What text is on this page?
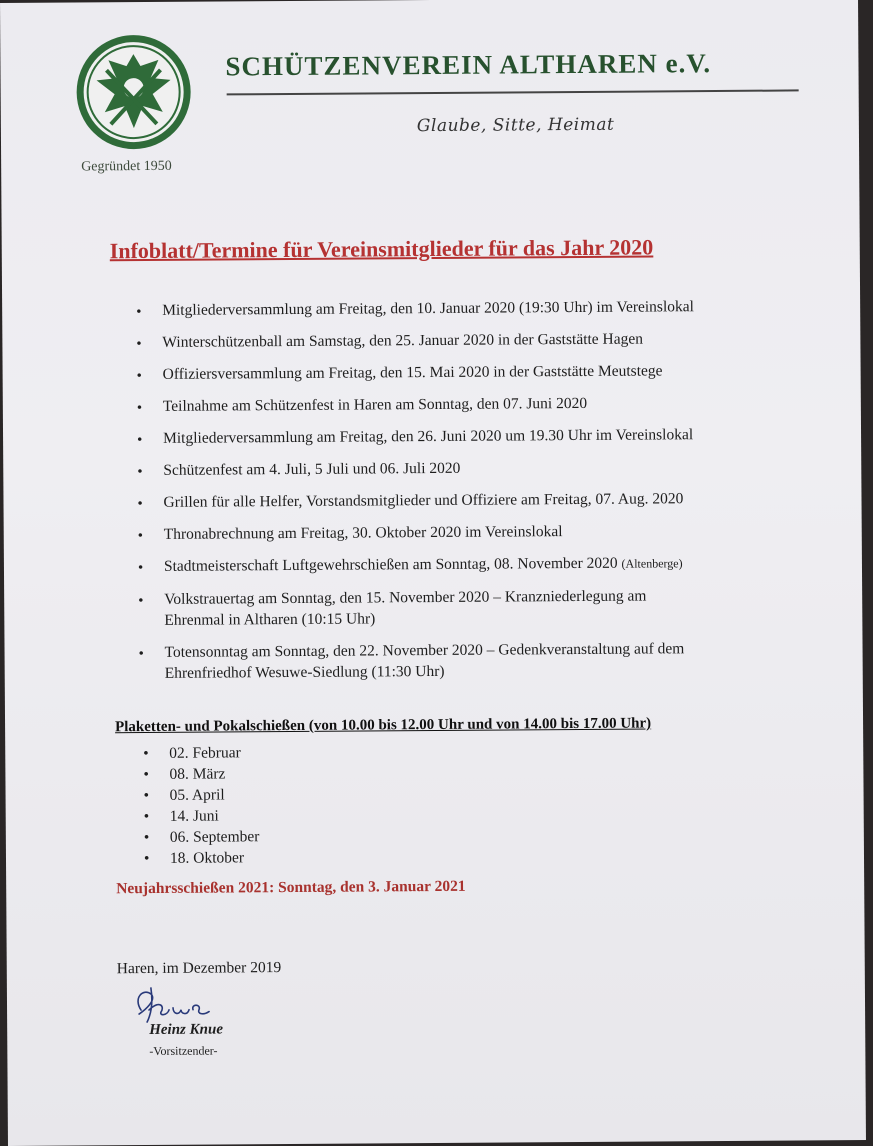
Gegründet 1950
SCHÜTZENVEREIN ALTHAREN e.V.
Glaube, Sitte, Heimat
Infoblatt/Termine für Vereinsmitglieder für das Jahr 2020
• Mitgliederversammlung am Freitag, den 10. Januar 2020 (19:30 Uhr) im Vereinslokal
• Winterschützenball am Samstag, den 25. Januar 2020 in der Gaststätte Hagen
• Offiziersversammlung am Freitag, den 15. Mai 2020 in der Gaststätte Meutstege
• Teilnahme am Schützenfest in Haren am Sonntag, den 07. Juni 2020
• Mitgliederversammlung am Freitag, den 26. Juni 2020 um 19.30 Uhr im Vereinslokal
• Schützenfest am 4. Juli, 5 Juli und 06. Juli 2020
• Grillen für alle Helfer, Vorstandsmitglieder und Offiziere am Freitag, 07. Aug. 2020
• Thronabrechnung am Freitag, 30. Oktober 2020 im Vereinslokal
• Stadtmeisterschaft Luftgewehrschießen am Sonntag, 08. November 2020 (Altenberge)
• Volkstrauertag am Sonntag, den 15. November 2020 – Kranzniederlegung am Ehrenmal in Altharen (10:15 Uhr)
• Totensonntag am Sonntag, den 22. November 2020 – Gedenkveranstaltung auf dem Ehrenfriedhof Wesuwe-Siedlung (11:30 Uhr)
Plaketten- und Pokalschießen (von 10.00 bis 12.00 Uhr und von 14.00 bis 17.00 Uhr)
• 02. Februar
• 08. März
• 05. April
• 14. Juni
• 06. September
• 18. Oktober
Neujahrsschießen 2021: Sonntag, den 3. Januar 2021
Haren, im Dezember 2019
Heinz Knue
-Vorsitzender-
